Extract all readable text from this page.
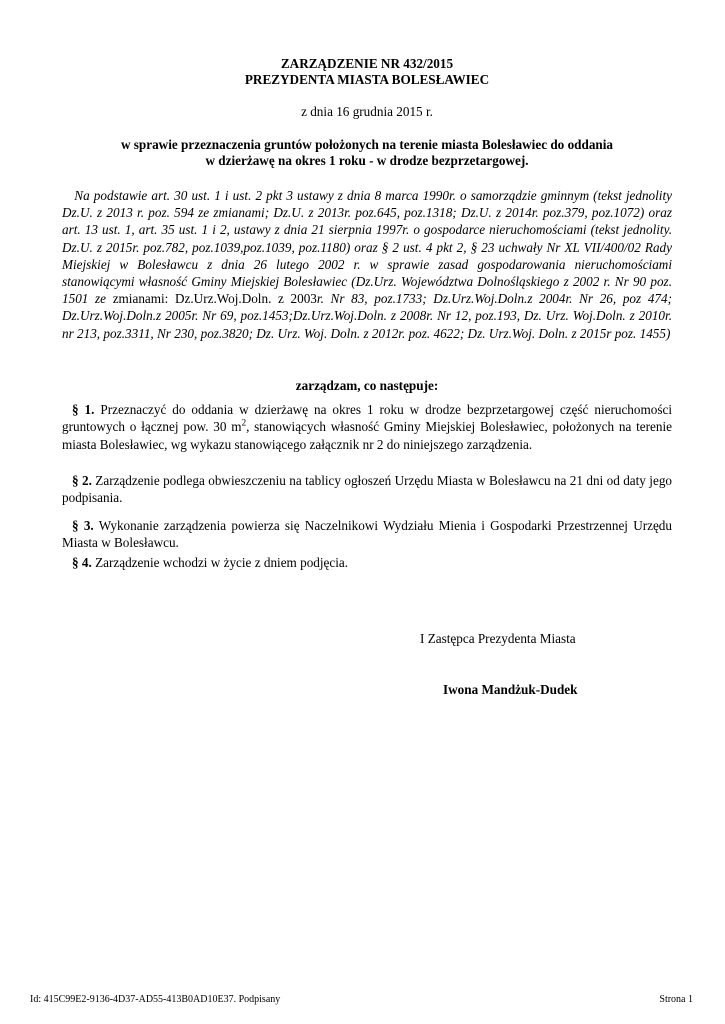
ZARZĄDZENIE NR 432/2015
PREZYDENTA MIASTA BOLESŁAWIEC
z dnia 16 grudnia 2015 r.
w sprawie przeznaczenia gruntów położonych na terenie miasta Bolesławiec do oddania
w dzierżawę na okres 1 roku - w drodze bezprzetargowej.
Na podstawie art. 30 ust. 1 i ust. 2 pkt 3 ustawy z dnia 8 marca 1990r. o samorządzie gminnym (tekst jednolity Dz.U. z 2013 r. poz. 594 ze zmianami; Dz.U. z 2013r. poz.645, poz.1318; Dz.U. z 2014r. poz.379, poz.1072) oraz art. 13 ust. 1, art. 35 ust. 1 i 2, ustawy z dnia 21 sierpnia 1997r. o gospodarce nieruchomościami (tekst jednolity. Dz.U. z 2015r. poz.782, poz.1039,poz.1039, poz.1180) oraz § 2 ust. 4 pkt 2, § 23 uchwały Nr XL VII/400/02 Rady Miejskiej w Bolesławcu z dnia 26 lutego 2002 r. w sprawie zasad gospodarowania nieruchomościami stanowiącymi własność Gminy Miejskiej Bolesławiec (Dz.Urz. Województwa Dolnośląskiego z 2002 r. Nr 90 poz. 1501 ze zmianami: Dz.Urz.Woj.Doln. z 2003r. Nr 83, poz.1733; Dz.Urz.Woj.Doln.z 2004r. Nr 26, poz 474; Dz.Urz.Woj.Doln.z 2005r. Nr 69, poz.1453;Dz.Urz.Woj.Doln. z 2008r. Nr 12, poz.193, Dz. Urz. Woj.Doln. z 2010r. nr 213, poz.3311, Nr 230, poz.3820; Dz. Urz. Woj. Doln. z 2012r. poz. 4622; Dz. Urz.Woj. Doln. z 2015r poz. 1455)
zarządzam, co następuje:
§ 1. Przeznaczyć do oddania w dzierżawę na okres 1 roku w drodze bezprzetargowej część nieruchomości gruntowych o łącznej pow. 30 $m^2$, stanowiących własność Gminy Miejskiej Bolesławiec, położonych na terenie miasta Bolesławiec, wg wykazu stanowiącego załącznik nr 2 do niniejszego zarządzenia.
§ 2. Zarządzenie podlega obwieszczeniu na tablicy ogłoszeń Urzędu Miasta w Bolesławcu na 21 dni od daty jego podpisania.
§ 3. Wykonanie zarządzenia powierza się Naczelnikowi Wydziału Mienia i Gospodarki Przestrzennej Urzędu Miasta w Bolesławcu.
§ 4. Zarządzenie wchodzi w życie z dniem podjęcia.
I Zastępca Prezydenta Miasta
Iwona Mandżuk-Dudek
Id: 415C99E2-9136-4D37-AD55-413B0AD10E37. Podpisany	Strona 1
